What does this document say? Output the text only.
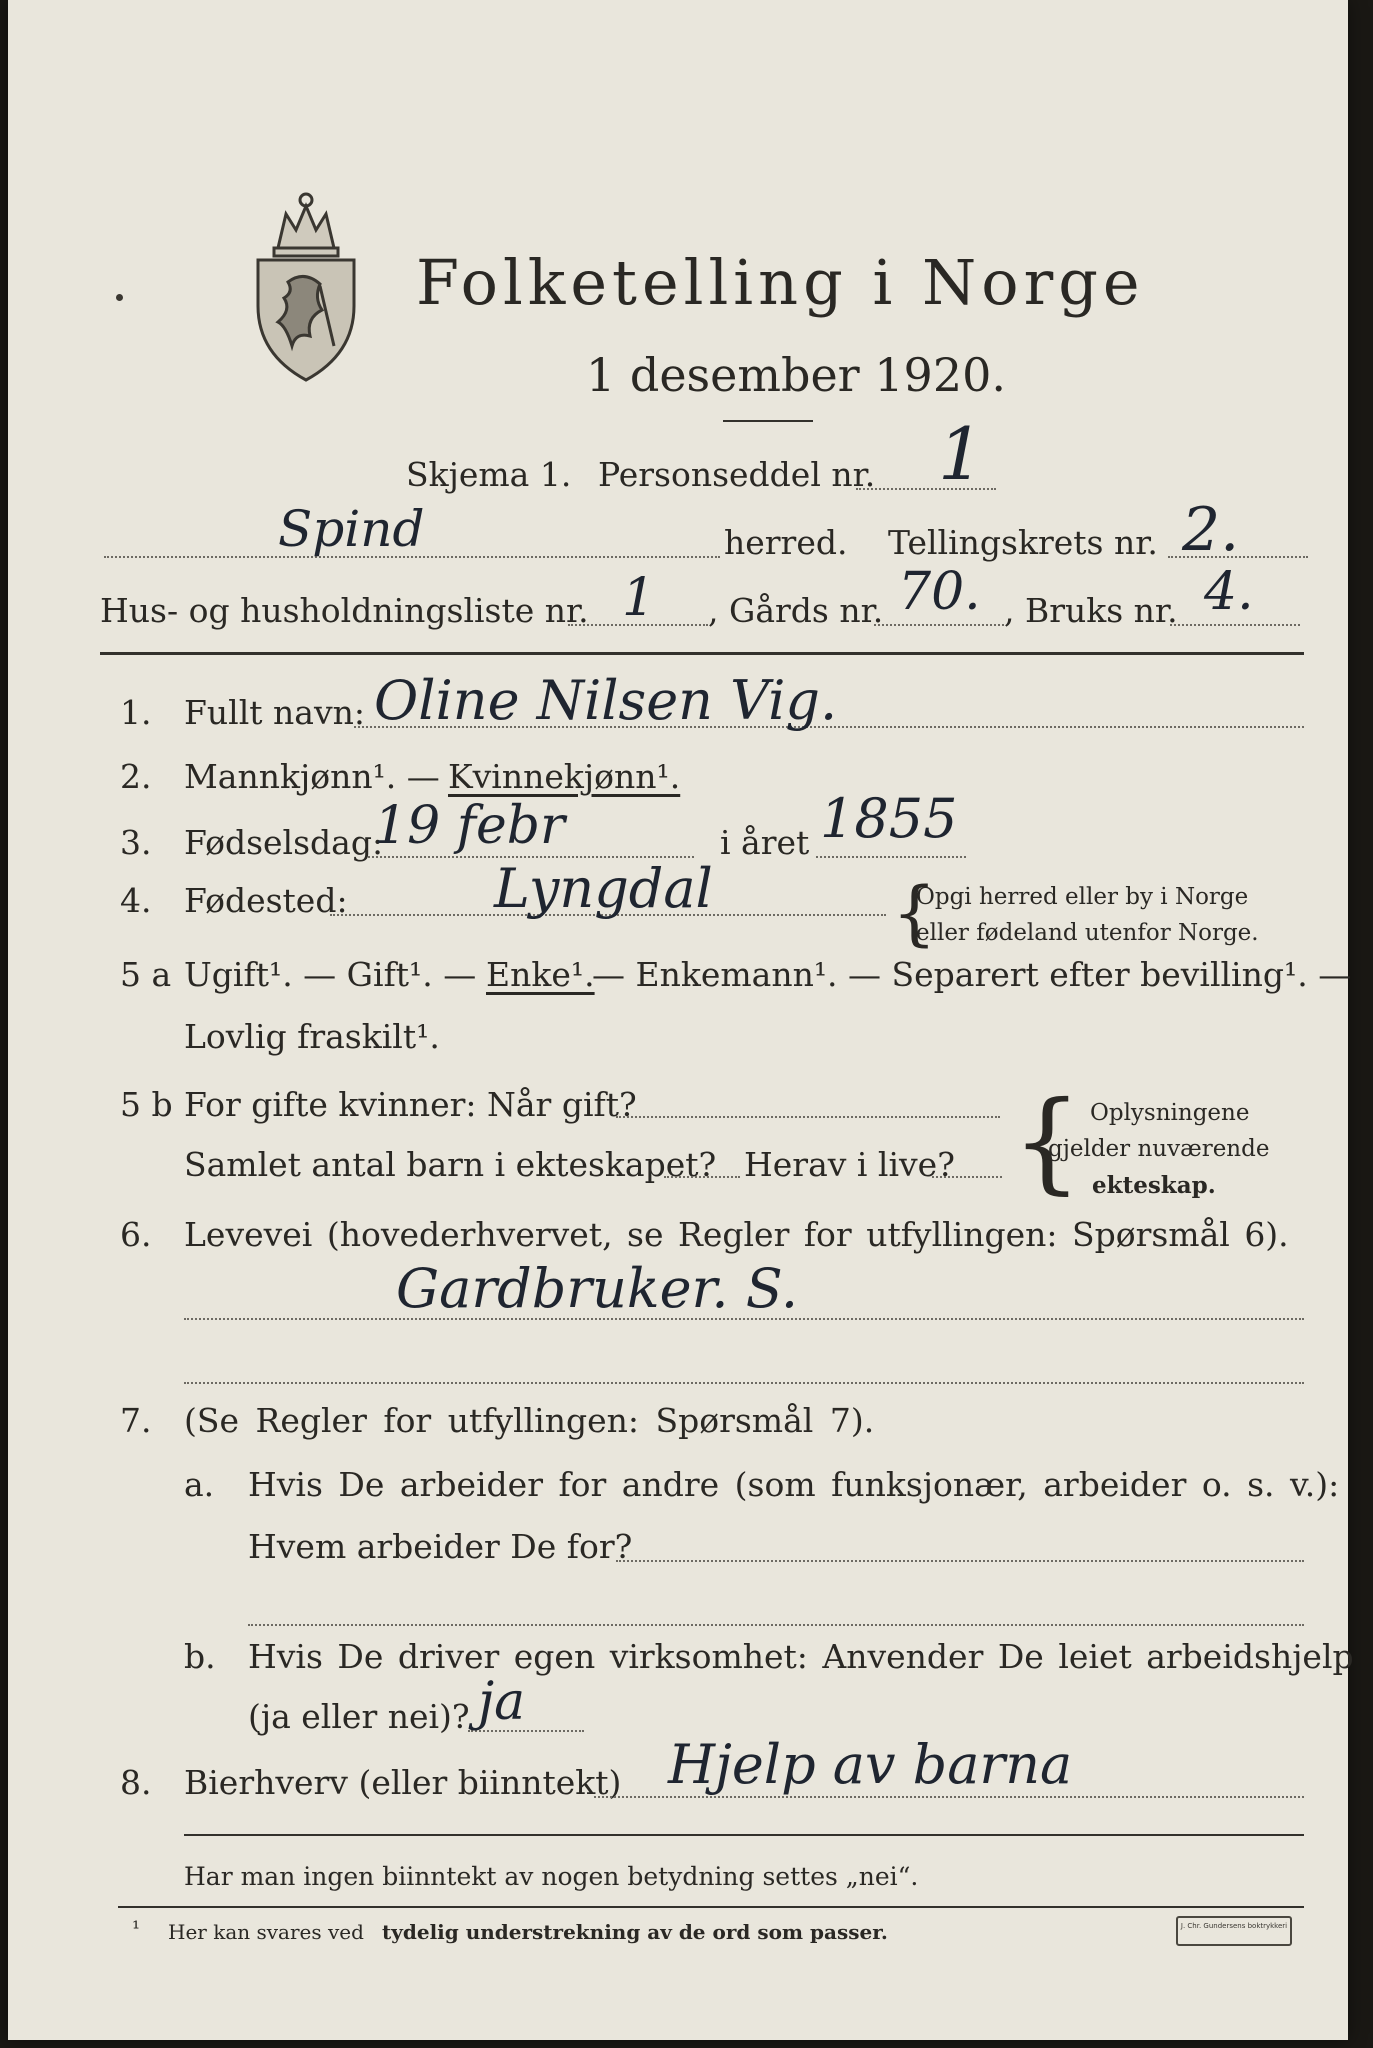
Folketelling i Norge
1 desember 1920.
Skjema 1. Personseddel nr. 1
Spind	herred. Tellingskrets nr. 2.
Hus- og husholdningsliste nr. 1 , Gårds nr. 70. , Bruks nr. 4.
1. Fullt navn: Oline Nilsen Vig.
2. Mannkjønn¹. — Kvinnekjønn¹.
3. Fødselsdag:
19 febr	i året 1855
4. Fødested:	Lyngdal	{
Opgi herred eller by i Norge
eller fødeland utenfor Norge.
5 a Ugift¹. — Gift¹. — Enke¹.
— Enkemann¹. — Separert efter bevilling¹. —
Lovlig fraskilt¹.
5 b For gifte kvinner: Når gift?
Samlet antal barn i ekteskapet? Herav i live? { Oplysningene
gjelder nuværende
ekteskap.
6. Levevei (hovederhvervet, se Regler for utfyllingen: Spørsmål 6).
Gardbruker. S.
7. (Se Regler for utfyllingen: Spørsmål 7).
a. Hvis De arbeider for andre (som funksjonær, arbeider o. s. v.):
Hvem arbeider De for?
b. Hvis De driver egen virksomhet: Anvender De leiet arbeidshjelp
(ja eller nei)? ja
8. Bierhverv (eller biinntekt) Hjelp av barna
Har man ingen biinntekt av nogen betydning settes „nei“.
¹ Her kan svares ved tydelig understrekning av de ord som passer.	J. Chr. Gundersens boktrykkeri
